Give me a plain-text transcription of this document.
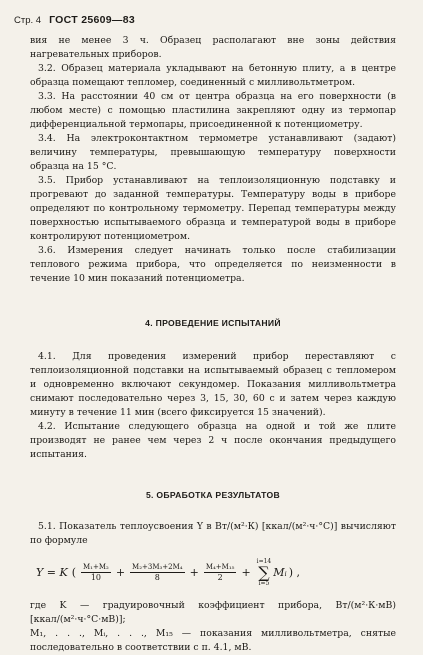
Стр. 4 ГОСТ 25609—83

вия не менее 3 ч. Образец располагают вне зоны действия нагревательных приборов.

3.2. Образец материала укладывают на бетонную плиту, а в центре образца помещают тепломер, соединенный с милливольтметром.

3.3. На расстоянии 40 см от центра образца на его поверхности (в любом месте) с помощью пластилина закрепляют одну из термопар дифференциальной термопары, присоединенной к потенциометру.

3.4. На электроконтактном термометре устанавливают (задают) величину температуры, превышающую температуру поверхности образца на 15 °С.

3.5. Прибор устанавливают на теплоизоляционную подставку и прогревают до заданной температуры. Температуру воды в приборе определяют по контрольному термометру. Перепад температуры между поверхностью испытываемого образца и температурой воды в приборе контролируют потенциометром.

3.6. Измерения следует начинать только после стабилизации теплового режима прибора, что определяется по неизменности в течение 10 мин показаний потенциометра.

4. ПРОВЕДЕНИЕ ИСПЫТАНИЙ

4.1. Для проведения измерений прибор переставляют с теплоизоляционной подставки на испытываемый образец с тепломером и одновременно включают секундомер. Показания милливольтметра снимают последовательно через 3, 15, 30, 60 с и затем через каждую минуту в течение 11 мин (всего фиксируется 15 значений).

4.2. Испытание следующего образца на одной и той же плите производят не ранее чем через 2 ч после окончания предыдущего испытания.

5. ОБРАБОТКА РЕЗУЛЬТАТОВ

5.1. Показатель теплоусвоения Y в Вт/(м²·К) [ккал/(м²·ч·°С)] вычисляют по формуле

Y = K ( $\frac{\text{M₁+M₂}}{10} + \frac{\text{M₂+3M₃+2M₄}}{8} + \frac{\text{M₄+M₁₅}}{2}$ +
i=14
∑
i=5
Mᵢ ) ,

где K — градуировочный коэффициент прибора, Вт/(м²·К·мВ) [ккал/(м²·ч·°С·мВ)];

M₁, . . ., Mᵢ, . . ., M₁₅ — показания милливольтметра, снятые последовательно в соответствии с п. 4.1, мВ.
